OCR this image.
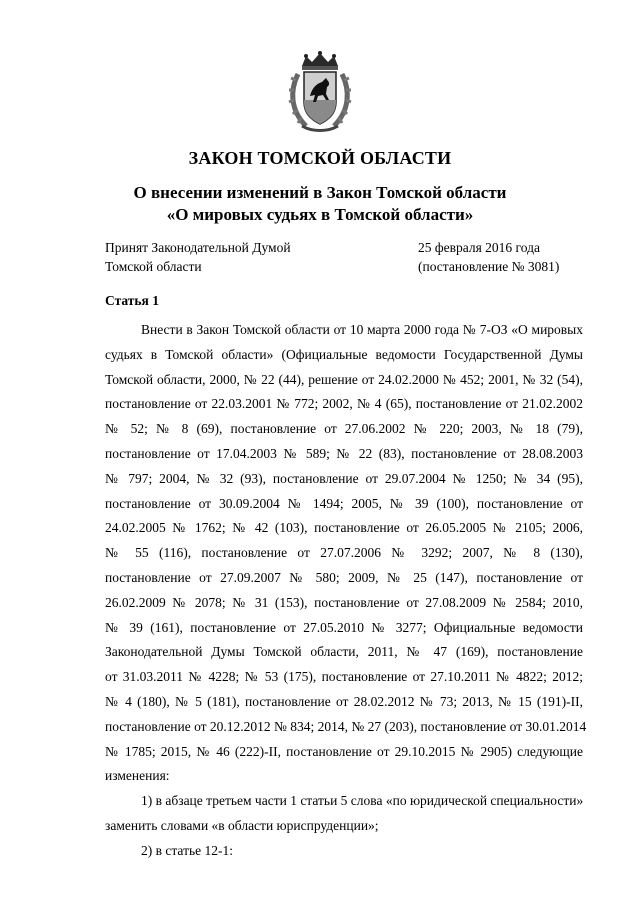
ЗАКОН ТОМСКОЙ ОБЛАСТИ
О внесении изменений в Закон Томской области
«О мировых судьях в Томской области»
Принят Законодательной Думой
Томской области
25 февраля 2016 года
(постановление № 3081)
Статья 1
Внести в Закон Томской области от 10 марта 2000 года № 7-ОЗ «О мировых
судьях в Томской области» (Официальные ведомости Государственной Думы
Томской области, 2000, № 22 (44), решение от 24.02.2000 № 452; 2001, № 32 (54),
постановление от 22.03.2001 № 772; 2002, № 4 (65), постановление от 21.02.2002
№ 52; № 8 (69), постановление от 27.06.2002 № 220; 2003, № 18 (79),
постановление от 17.04.2003 № 589; № 22 (83), постановление от 28.08.2003
№ 797; 2004, № 32 (93), постановление от 29.07.2004 № 1250; № 34 (95),
постановление от 30.09.2004 № 1494; 2005, № 39 (100), постановление от
24.02.2005 № 1762; № 42 (103), постановление от 26.05.2005 № 2105; 2006,
№ 55 (116), постановление от 27.07.2006 № 3292; 2007, № 8 (130),
постановление от 27.09.2007 № 580; 2009, № 25 (147), постановление от
26.02.2009 № 2078; № 31 (153), постановление от 27.08.2009 № 2584; 2010,
№ 39 (161), постановление от 27.05.2010 № 3277; Официальные ведомости
Законодательной Думы Томской области, 2011, № 47 (169), постановление
от 31.03.2011 № 4228; № 53 (175), постановление от 27.10.2011 № 4822; 2012;
№ 4 (180), № 5 (181), постановление от 28.02.2012 № 73; 2013, № 15 (191)-II,
постановление от 20.12.2012 № 834; 2014, № 27 (203), постановление от 30.01.2014
№ 1785; 2015, № 46 (222)-II, постановление от 29.10.2015 № 2905) следующие
изменения:
1) в абзаце третьем части 1 статьи 5 слова «по юридической специальности»
заменить словами «в области юриспруденции»;
2) в статье 12-1:
